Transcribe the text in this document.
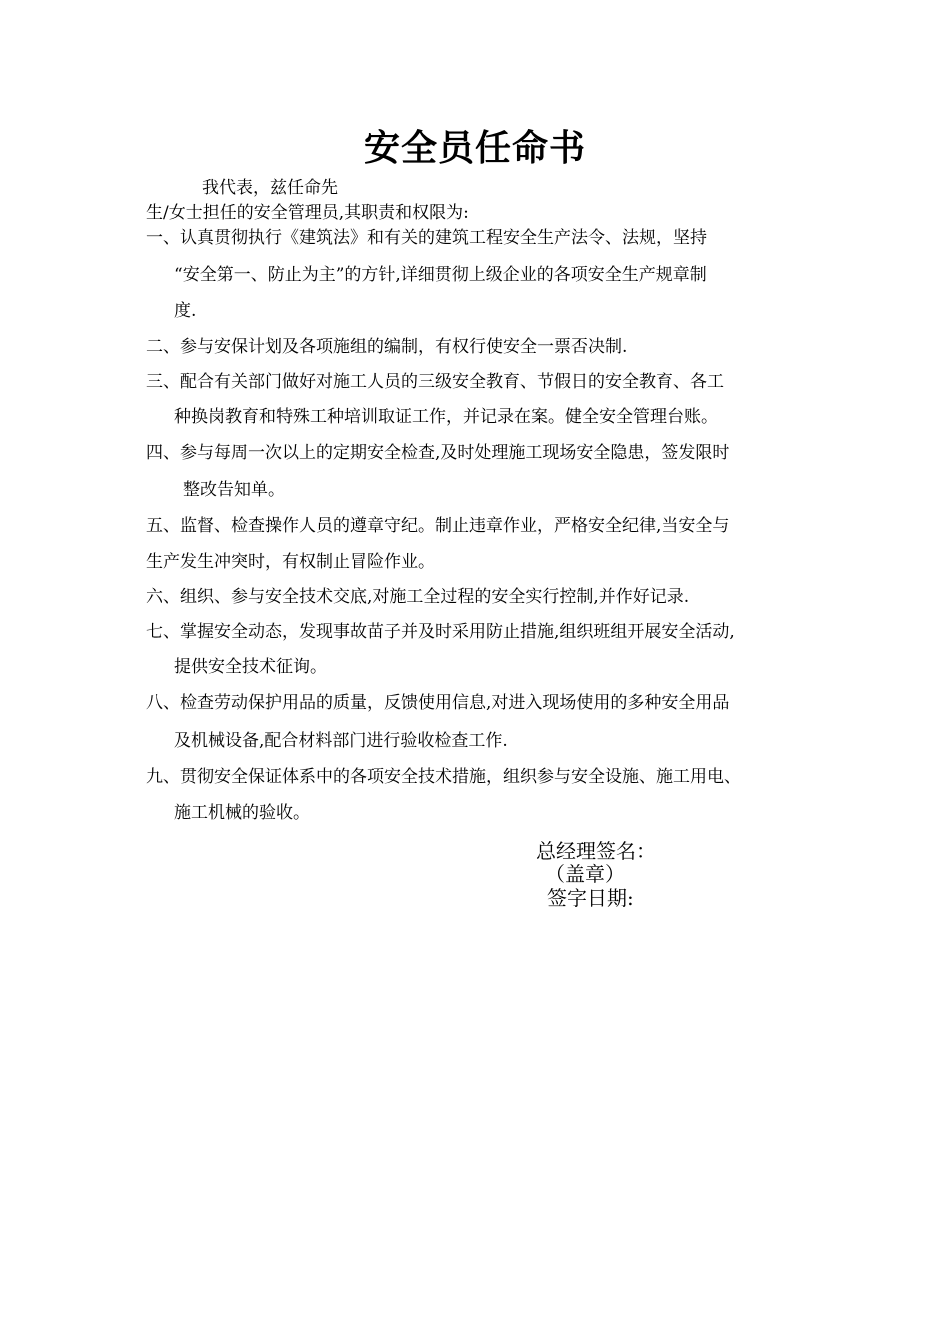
安全员任命书
我代表，兹任命先
生/女士担任的安全管理员,其职责和权限为:
一、认真贯彻执行《建筑法》和有关的建筑工程安全生产法令、法规，坚持
“安全第一、防止为主”的方针,详细贯彻上级企业的各项安全生产规章制
度.
二、参与安保计划及各项施组的编制，有权行使安全一票否决制.
三、配合有关部门做好对施工人员的三级安全教育、节假日的安全教育、各工
种换岗教育和特殊工种培训取证工作，并记录在案。健全安全管理台账。
四、参与每周一次以上的定期安全检查,及时处理施工现场安全隐患，签发限时
整改告知单。
五、监督、检查操作人员的遵章守纪。制止违章作业，严格安全纪律,当安全与
生产发生冲突时，有权制止冒险作业。
六、组织、参与安全技术交底,对施工全过程的安全实行控制,并作好记录.
七、掌握安全动态，发现事故苗子并及时采用防止措施,组织班组开展安全活动,
提供安全技术征询。
八、检查劳动保护用品的质量，反馈使用信息,对进入现场使用的多种安全用品
及机械设备,配合材料部门进行验收检查工作.
九、贯彻安全保证体系中的各项安全技术措施，组织参与安全设施、施工用电、
施工机械的验收。
总经理签名：
（盖章）
签字日期:
